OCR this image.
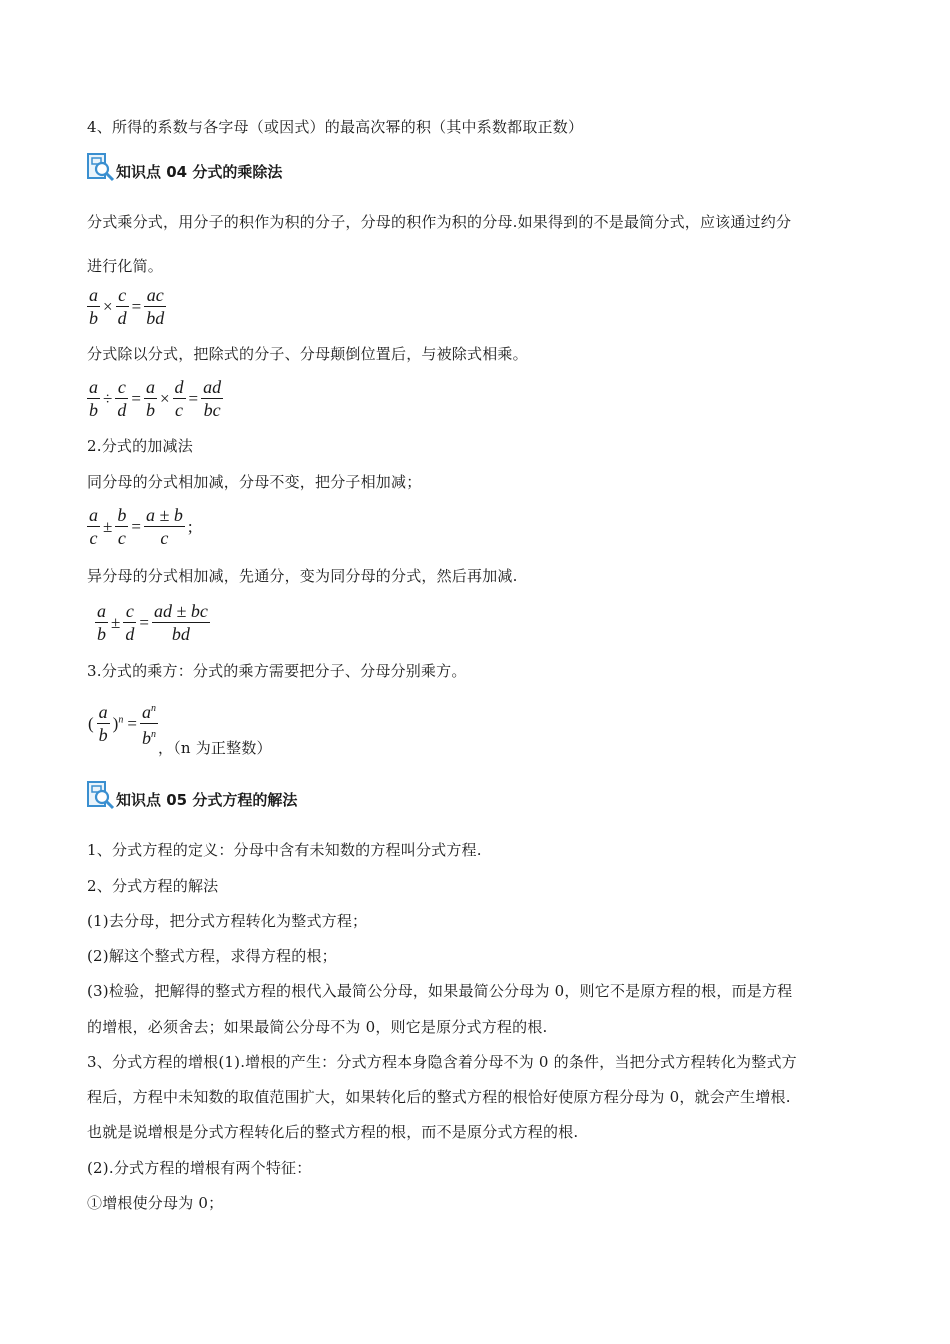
4、所得的系数与各字母（或因式）的最高次幂的积（其中系数都取正数）
知识点 04 分式的乘除法
分式乘分式，用分子的积作为积的分子，分母的积作为积的分母.如果得到的不是最简分式，应该通过约分
进行化简。
$\frac{a}{b} \times \frac{c}{d} = \frac{ac}{bd}$
分式除以分式，把除式的分子、分母颠倒位置后，与被除式相乘。
$\frac{a}{b} \div \frac{c}{d} = \frac{a}{b} \times \frac{d}{c} = \frac{ad}{bc}$
2.分式的加减法
同分母的分式相加减，分母不变，把分子相加减；
$\frac{a}{c} \pm \frac{b}{c} = \frac{a \pm b}{c}$ ;
异分母的分式相加减，先通分，变为同分母的分式，然后再加减.
$\frac{a}{b} \pm \frac{c}{d} = \frac{ad \pm bc}{bd}$
3.分式的乘方：分式的乘方需要把分子、分母分别乘方。
( $\frac{a}{b} )^n = \frac{a^n}{b^n}$ ，（n 为正整数）
知识点 05 分式方程的解法
1、分式方程的定义：分母中含有未知数的方程叫分式方程.
2、分式方程的解法
(1)去分母，把分式方程转化为整式方程；
(2)解这个整式方程，求得方程的根；
(3)检验，把解得的整式方程的根代入最简公分母，如果最简公分母为 0，则它不是原方程的根，而是方程
的增根，必须舍去；如果最简公分母不为 0，则它是原分式方程的根.
3、分式方程的增根(1).增根的产生：分式方程本身隐含着分母不为 0 的条件，当把分式方程转化为整式方
程后，方程中未知数的取值范围扩大，如果转化后的整式方程的根恰好使原方程分母为 0，就会产生增根.
也就是说增根是分式方程转化后的整式方程的根，而不是原分式方程的根.
(2).分式方程的增根有两个特征：
①增根使分母为 0；
